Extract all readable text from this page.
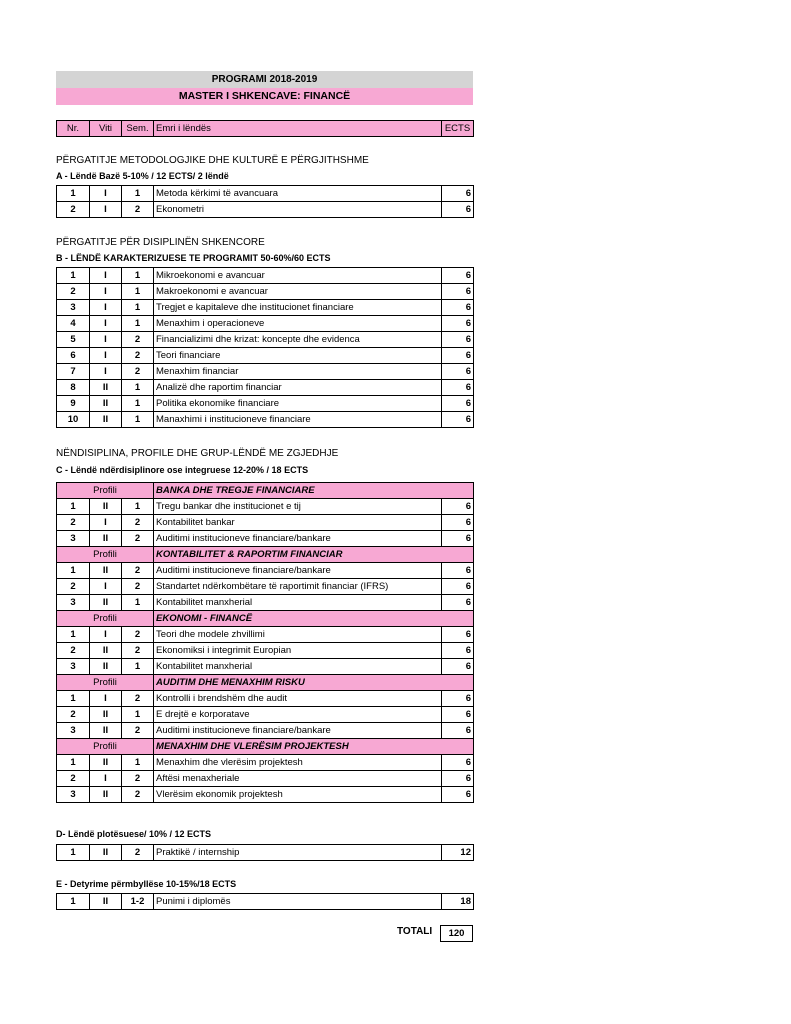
PROGRAMI 2018-2019
MASTER I SHKENCAVE: FINANCË
Nr.	Viti	Sem.	Emri i lëndës	ECTS
PËRGATITJE METODOLOGJIKE DHE KULTURË E PËRGJITHSHME
A - Lëndë Bazë 5-10% / 12 ECTS/ 2 lëndë
1	I	1	Metoda kërkimi të avancuara	6
2	I	2	Ekonometri	6
PËRGATITJE PËR DISIPLINËN SHKENCORE
B - LËNDË KARAKTERIZUESE TE PROGRAMIT 50-60%/60 ECTS
1	I	1	Mikroekonomi e avancuar	6
2	I	1	Makroekonomi e avancuar	6
3	I	1	Tregjet e kapitaleve dhe institucionet financiare	6
4	I	1	Menaxhim i operacioneve	6
5	I	2	Financializimi dhe krizat: koncepte dhe evidenca	6
6	I	2	Teori financiare	6
7	I	2	Menaxhim financiar	6
8	II	1	Analizë dhe raportim financiar	6
9	II	1	Politika ekonomike financiare	6
10	II	1	Manaxhimi i institucioneve financiare	6
NËNDISIPLINA, PROFILE DHE GRUP-LËNDË ME ZGJEDHJE
C - Lëndë ndërdisiplinore ose integruese 12-20% / 18 ECTS
Profili			BANKA DHE TREGJE FINANCIARE	
1	II	1	Tregu bankar dhe institucionet e tij	6
2	I	2	Kontabilitet bankar	6
3	II	2	Auditimi institucioneve financiare/bankare	6
Profili			KONTABILITET & RAPORTIM FINANCIAR	
1	II	2	Auditimi institucioneve financiare/bankare	6
2	I	2	Standartet ndërkombëtare të raportimit financiar (IFRS)	6
3	II	1	Kontabilitet manxherial	6
Profili			EKONOMI - FINANCË	
1	I	2	Teori dhe modele zhvillimi	6
2	II	2	Ekonomiksi i integrimit Europian	6
3	II	1	Kontabilitet manxherial	6
Profili			AUDITIM DHE MENAXHIM RISKU	
1	I	2	Kontrolli i brendshëm dhe audit	6
2	II	1	E drejtë e korporatave	6
3	II	2	Auditimi institucioneve financiare/bankare	6
Profili			MENAXHIM DHE VLERËSIM PROJEKTESH	
1	II	1	Menaxhim dhe vlerësim projektesh	6
2	I	2	Aftësi menaxheriale	6
3	II	2	Vlerësim ekonomik projektesh	6
D- Lëndë plotësuese/ 10% / 12 ECTS
1	II	2	Praktikë / internship	12
E - Detyrime përmbyllëse 10-15%/18 ECTS
1	II	1-2	Punimi i diplomës	18
TOTALI	120
